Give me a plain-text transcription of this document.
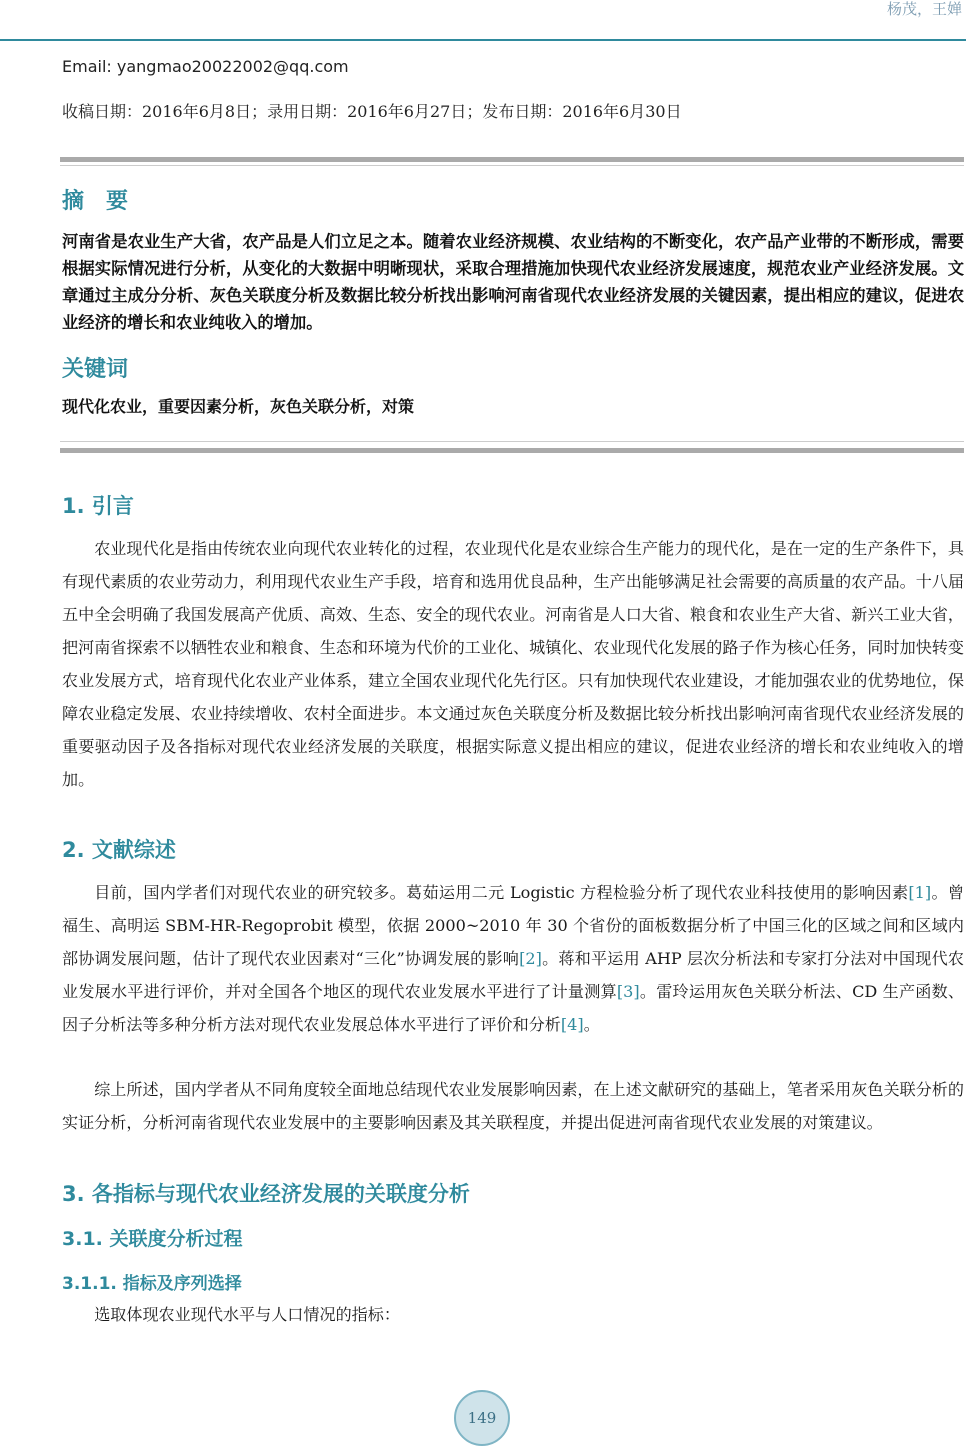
杨茂，王婵
Email: yangmao20022002@qq.com
收稿日期：2016年6月8日；录用日期：2016年6月27日；发布日期：2016年6月30日
摘　要

河南省是农业生产大省，农产品是人们立足之本。随着农业经济规模、农业结构的不断变化，农产品产业带的不断形成，需要根据实际情况进行分析，从变化的大数据中明晰现状，采取合理措施加快现代农业经济发展速度，规范农业产业经济发展。文章通过主成分分析、灰色关联度分析及数据比较分析找出影响河南省现代农业经济发展的关键因素，提出相应的建议，促进农业经济的增长和农业纯收入的增加。

关键词

现代化农业，重要因素分析，灰色关联分析，对策

1. 引言

农业现代化是指由传统农业向现代农业转化的过程，农业现代化是农业综合生产能力的现代化，是在一定的生产条件下，具有现代素质的农业劳动力，利用现代农业生产手段，培育和选用优良品种，生产出能够满足社会需要的高质量的农产品。十八届五中全会明确了我国发展高产优质、高效、生态、安全的现代农业。河南省是人口大省、粮食和农业生产大省、新兴工业大省，把河南省探索不以牺牲农业和粮食、生态和环境为代价的工业化、城镇化、农业现代化发展的路子作为核心任务，同时加快转变农业发展方式，培育现代化农业产业体系，建立全国农业现代化先行区。只有加快现代农业建设，才能加强农业的优势地位，保障农业稳定发展、农业持续增收、农村全面进步。本文通过灰色关联度分析及数据比较分析找出影响河南省现代农业经济发展的重要驱动因子及各指标对现代农业经济发展的关联度，根据实际意义提出相应的建议，促进农业经济的增长和农业纯收入的增加。

2. 文献综述

目前，国内学者们对现代农业的研究较多。葛茹运用二元 Logistic 方程检验分析了现代农业科技使用的影响因素[1]。曾福生、高明运 SBM-HR-Regoprobit 模型，依据 2000~2010 年 30 个省份的面板数据分析了中国三化的区域之间和区域内部协调发展问题，估计了现代农业因素对“三化”协调发展的影响[2]。蒋和平运用 AHP 层次分析法和专家打分法对中国现代农业发展水平进行评价，并对全国各个地区的现代农业发展水平进行了计量测算[3]。雷玲运用灰色关联分析法、CD 生产函数、因子分析法等多种分析方法对现代农业发展总体水平进行了评价和分析[4]。

综上所述，国内学者从不同角度较全面地总结现代农业发展影响因素，在上述文献研究的基础上，笔者采用灰色关联分析的实证分析，分析河南省现代农业发展中的主要影响因素及其关联程度，并提出促进河南省现代农业发展的对策建议。

3. 各指标与现代农业经济发展的关联度分析
3.1. 关联度分析过程
3.1.1. 指标及序列选择

选取体现农业现代水平与人口情况的指标：

149
